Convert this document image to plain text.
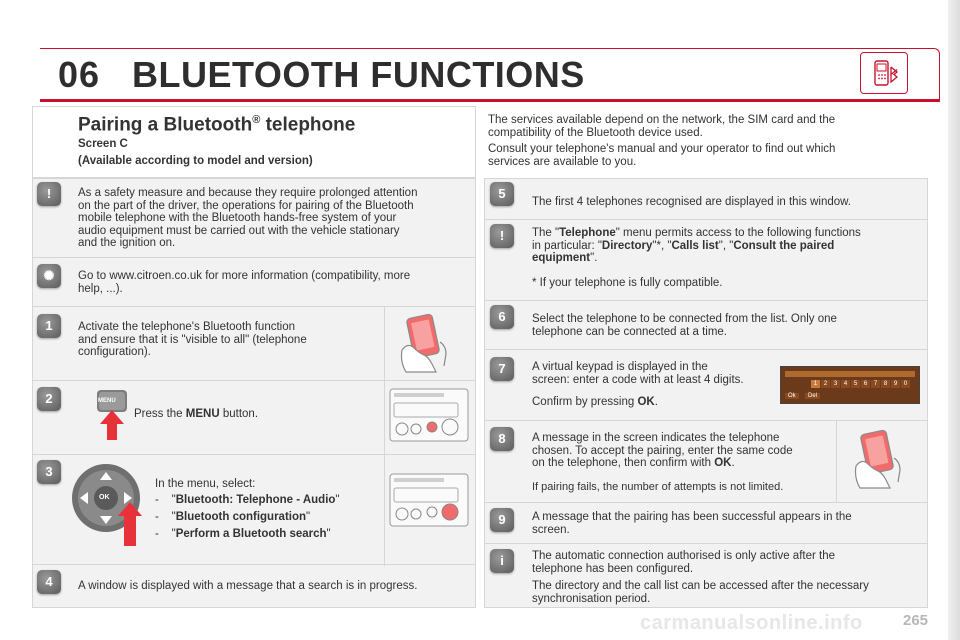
06 BLUETOOTH FUNCTIONS
Pairing a Bluetooth® telephone
Screen C
(Available according to model and version)
The services available depend on the network, the SIM card and the
compatibility of the Bluetooth device used.
Consult your telephone's manual and your operator to find out which
services are available to you.
!	As a safety measure and because they require prolonged attention
on the part of the driver, the operations for pairing of the Bluetooth
mobile telephone with the Bluetooth hands-free system of your
audio equipment must be carried out with the vehicle stationary
and the ignition on.
✺	Go to www.citroen.co.uk for more information (compatibility, more
help, ...).
1	Activate the telephone's Bluetooth function
and ensure that it is "visible to all" (telephone
configuration).
2	MENU
Press the MENU button.
3
OK
In the menu, select:
-    "Bluetooth: Telephone - Audio"
-    "Bluetooth configuration"
-    "Perform a Bluetooth search"
4	A window is displayed with a message that a search is in progress.
5
The first 4 telephones recognised are displayed in this window.
!	The "Telephone" menu permits access to the following functions
in particular: "Directory"*, "Calls list", "Consult the paired
equipment".
* If your telephone is fully compatible.
6	Select the telephone to be connected from the list. Only one
telephone can be connected at a time.
7	A virtual keypad is displayed in the
screen: enter a code with at least 4 digits.
Confirm by pressing OK.
1	2	3	4	5	6	7	8	9	0
Ok	Del
8	A message in the screen indicates the telephone
chosen. To accept the pairing, enter the same code
on the telephone, then confirm with OK.
If pairing fails, the number of attempts is not limited.
9	A message that the pairing has been successful appears in the
screen.
i	The automatic connection authorised is only active after the
telephone has been configured.
The directory and the call list can be accessed after the necessary
synchronisation period.
carmanualsonline.info	265
